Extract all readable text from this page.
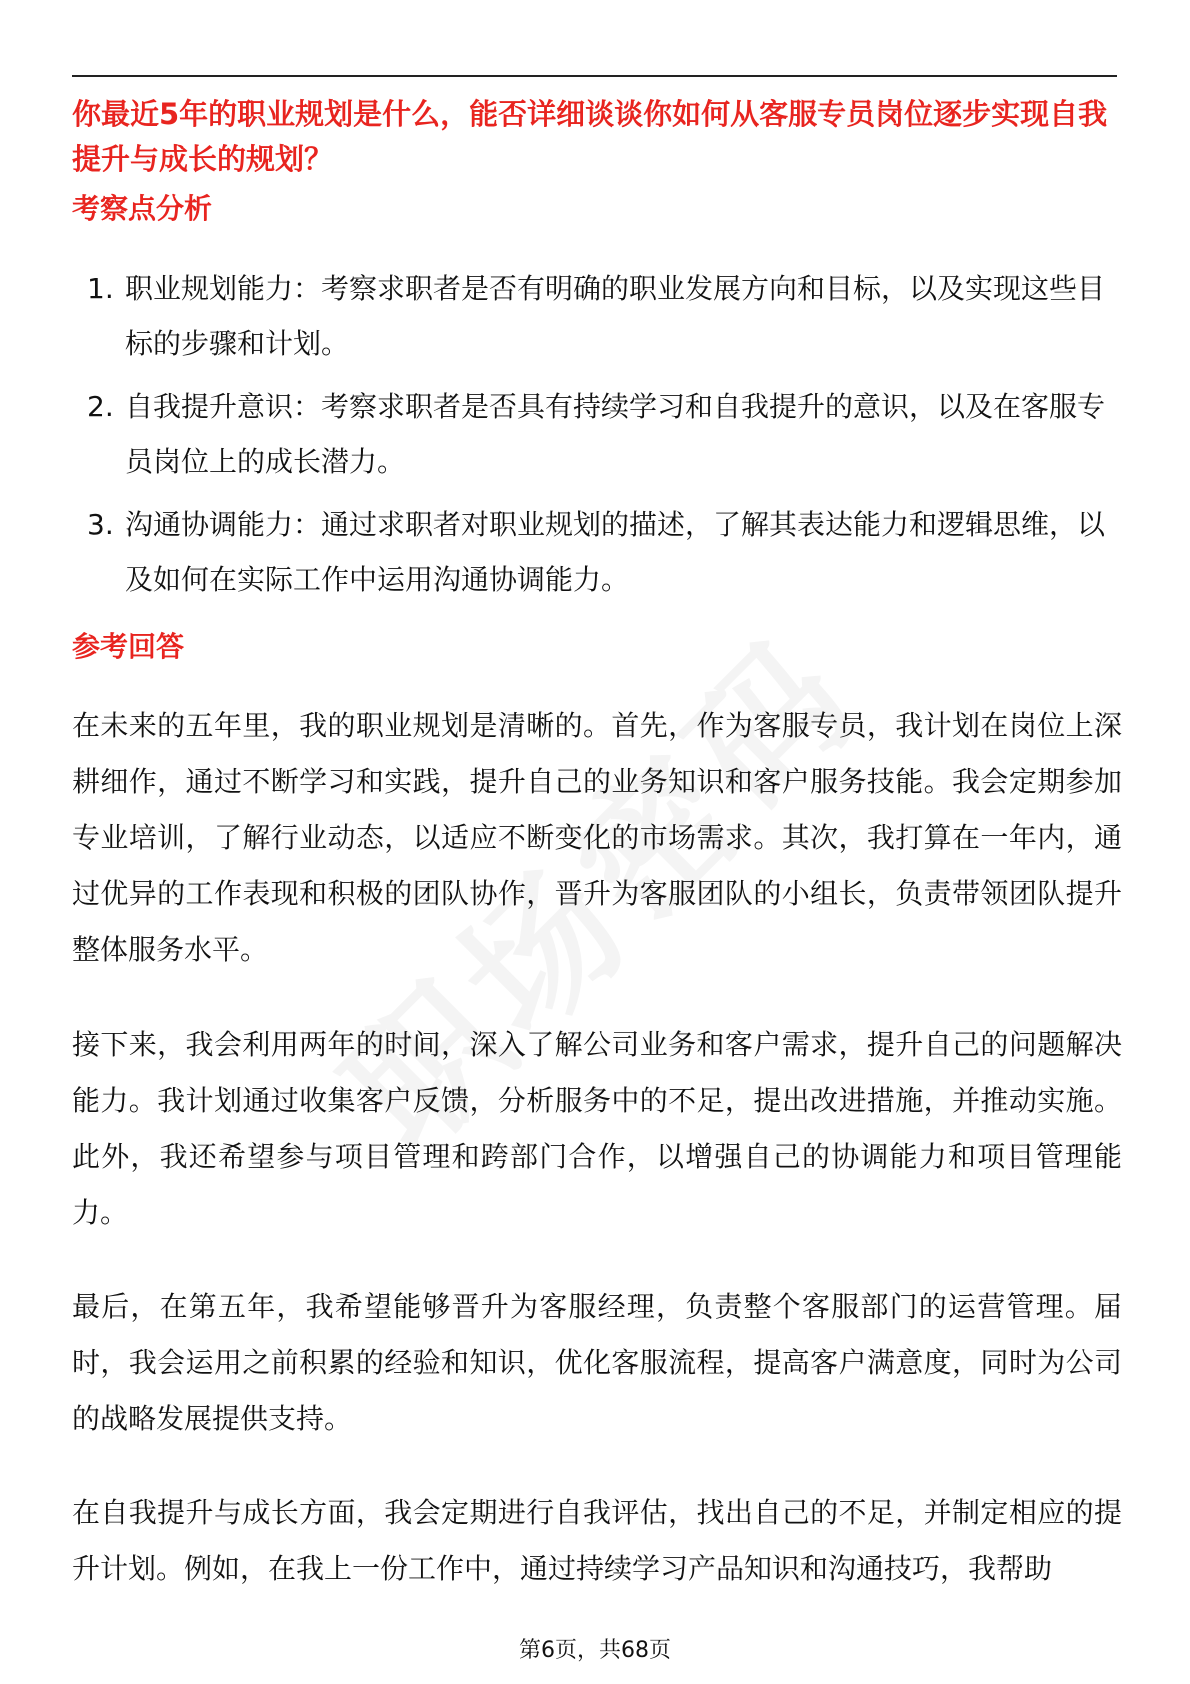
你最近5年的职业规划是什么，能否详细谈谈你如何从客服专员岗位逐步实现自我提升与成长的规划？
考察点分析
1. 职业规划能力：考察求职者是否有明确的职业发展方向和目标，以及实现这些目标的步骤和计划。
2. 自我提升意识：考察求职者是否具有持续学习和自我提升的意识，以及在客服专员岗位上的成长潜力。
3. 沟通协调能力：通过求职者对职业规划的描述，了解其表达能力和逻辑思维，以及如何在实际工作中运用沟通协调能力。
参考回答

在未来的五年里，我的职业规划是清晰的。首先，作为客服专员，我计划在岗位上深耕细作，通过不断学习和实践，提升自己的业务知识和客户服务技能。我会定期参加专业培训，了解行业动态，以适应不断变化的市场需求。其次，我打算在一年内，通过优异的工作表现和积极的团队协作，晋升为客服团队的小组长，负责带领团队提升整体服务水平。

接下来，我会利用两年的时间，深入了解公司业务和客户需求，提升自己的问题解决能力。我计划通过收集客户反馈，分析服务中的不足，提出改进措施，并推动实施。此外，我还希望参与项目管理和跨部门合作，以增强自己的协调能力和项目管理能力。

最后，在第五年，我希望能够晋升为客服经理，负责整个客服部门的运营管理。届时，我会运用之前积累的经验和知识，优化客服流程，提高客户满意度，同时为公司的战略发展提供支持。

在自我提升与成长方面，我会定期进行自我评估，找出自己的不足，并制定相应的提升计划。例如，在我上一份工作中，通过持续学习产品知识和沟通技巧，我帮助

第6页，共68页
